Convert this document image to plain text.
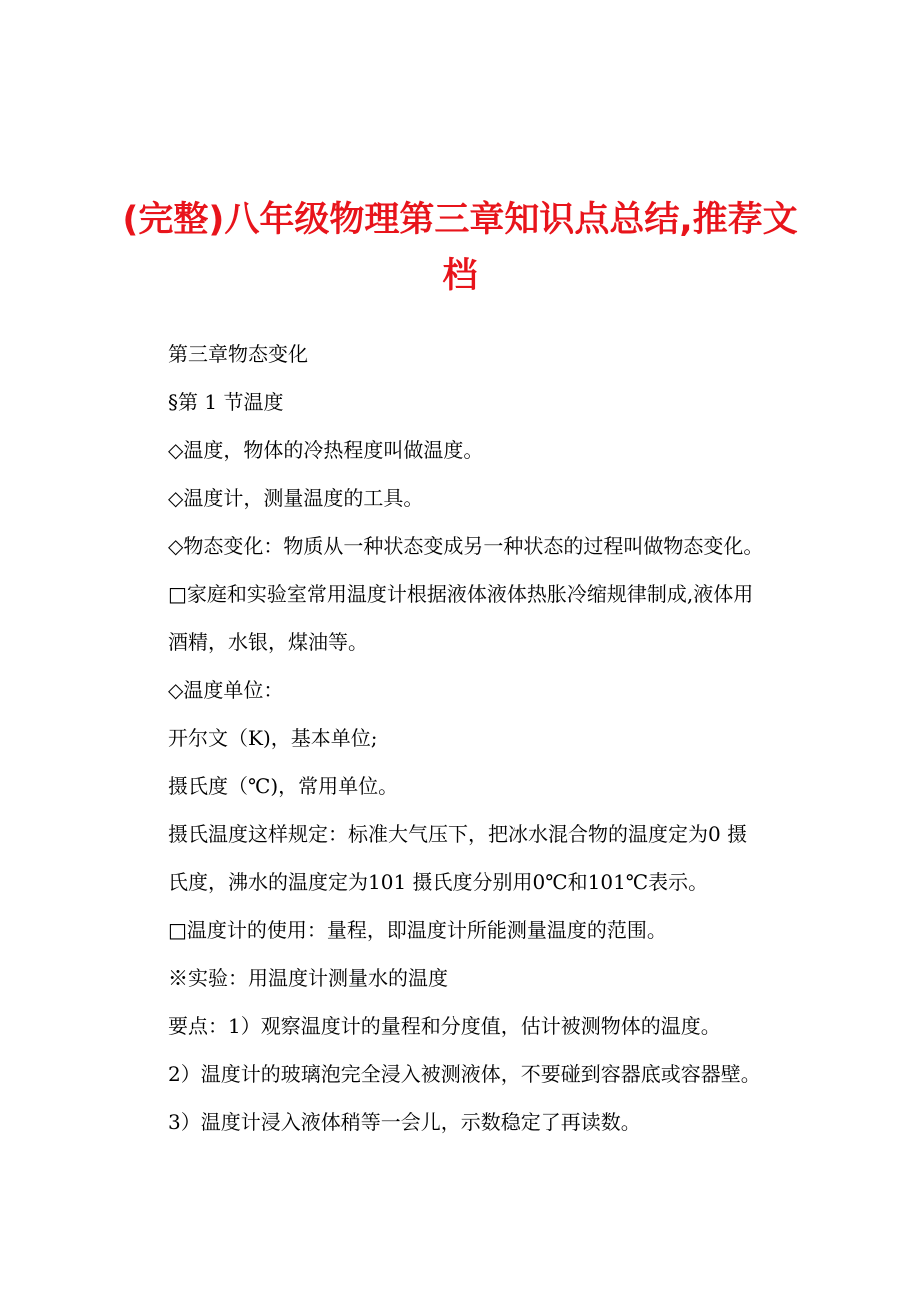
(完整)八年级物理第三章知识点总结,推荐文
档

第三章物态变化

§第 1 节温度

◇温度，物体的冷热程度叫做温度。

◇温度计，测量温度的工具。

◇物态变化：物质从一种状态变成另一种状态的过程叫做物态变化。

□家庭和实验室常用温度计根据液体液体热胀冷缩规律制成,液体用

酒精，水银，煤油等。

◇温度单位：

开尔文（K)，基本单位;

摄氏度（℃)，常用单位。

摄氏温度这样规定：标准大气压下，把冰水混合物的温度定为0 摄

氏度，沸水的温度定为101 摄氏度分别用0℃和101℃表示。

□温度计的使用：量程，即温度计所能测量温度的范围。

※实验：用温度计测量水的温度

要点：1）观察温度计的量程和分度值，估计被测物体的温度。

2）温度计的玻璃泡完全浸入被测液体，不要碰到容器底或容器壁。

3）温度计浸入液体稍等一会儿，示数稳定了再读数。
